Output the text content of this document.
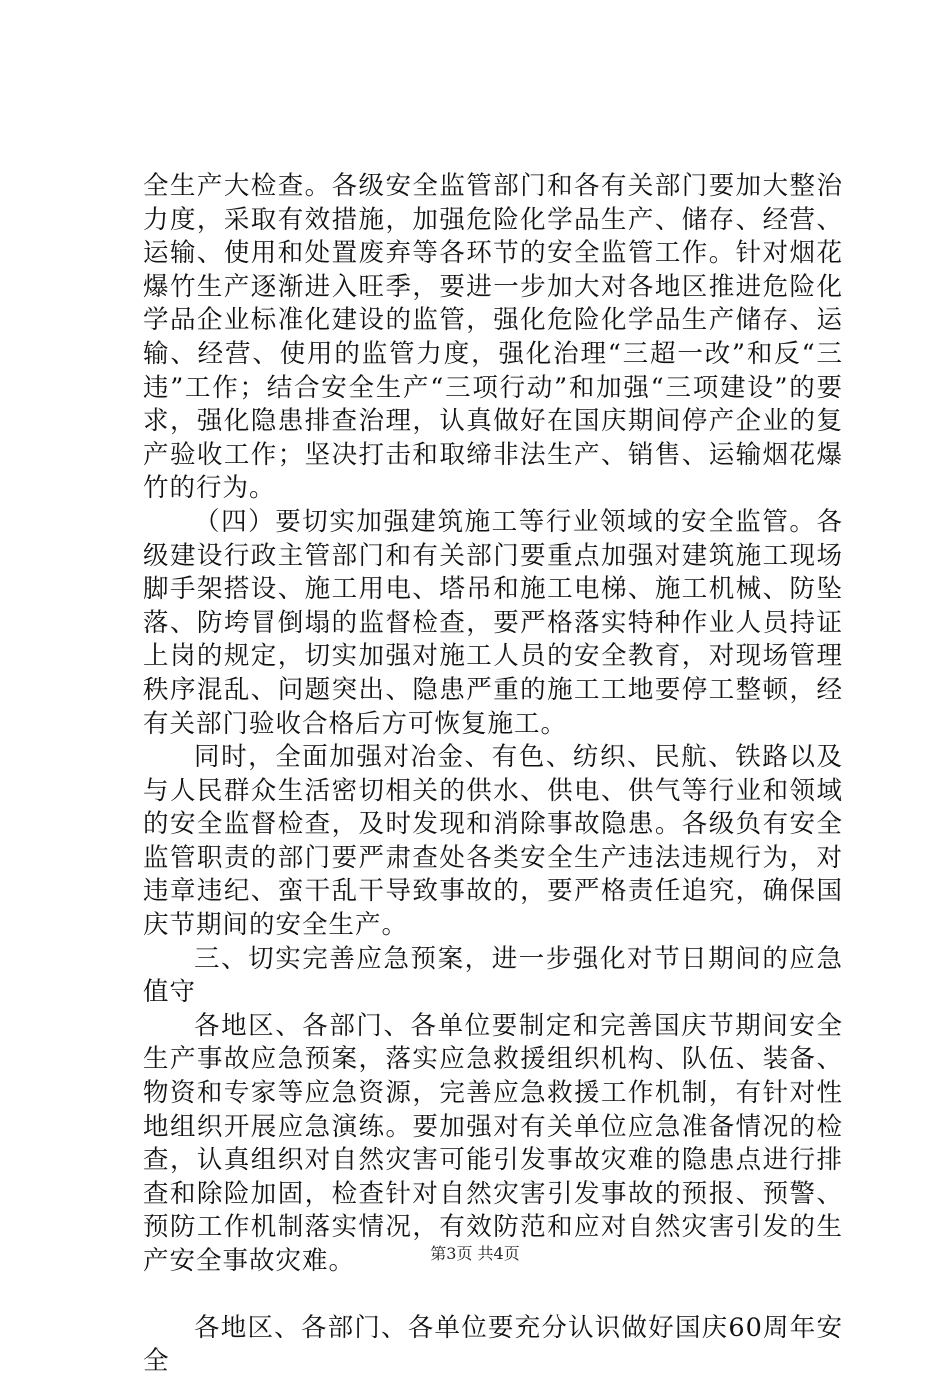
全生产大检查。各级安全监管部门和各有关部门要加大整治力度，采取有效措施，加强危险化学品生产、储存、经营、运输、使用和处置废弃等各环节的安全监管工作。针对烟花爆竹生产逐渐进入旺季，要进一步加大对各地区推进危险化学品企业标准化建设的监管，强化危险化学品生产储存、运输、经营、使用的监管力度，强化治理“三超一改”和反“三违”工作；结合安全生产“三项行动”和加强“三项建设”的要求，强化隐患排查治理，认真做好在国庆期间停产企业的复产验收工作；坚决打击和取缔非法生产、销售、运输烟花爆竹的行为。

（四）要切实加强建筑施工等行业领域的安全监管。各级建设行政主管部门和有关部门要重点加强对建筑施工现场脚手架搭设、施工用电、塔吊和施工电梯、施工机械、防坠落、防垮冒倒塌的监督检查，要严格落实特种作业人员持证上岗的规定，切实加强对施工人员的安全教育，对现场管理秩序混乱、问题突出、隐患严重的施工工地要停工整顿，经有关部门验收合格后方可恢复施工。

同时，全面加强对冶金、有色、纺织、民航、铁路以及与人民群众生活密切相关的供水、供电、供气等行业和领域的安全监督检查，及时发现和消除事故隐患。各级负有安全监管职责的部门要严肃查处各类安全生产违法违规行为，对违章违纪、蛮干乱干导致事故的，要严格责任追究，确保国庆节期间的安全生产。

三、切实完善应急预案，进一步强化对节日期间的应急值守

各地区、各部门、各单位要制定和完善国庆节期间安全生产事故应急预案，落实应急救援组织机构、队伍、装备、物资和专家等应急资源，完善应急救援工作机制，有针对性地组织开展应急演练。要加强对有关单位应急准备情况的检查，认真组织对自然灾害可能引发事故灾难的隐患点进行排查和除险加固，检查针对自然灾害引发事故的预报、预警、预防工作机制落实情况，有效防范和应对自然灾害引发的生产安全事故灾难。

各地区、各部门、各单位要充分认识做好国庆60周年安全

第3页 共4页
